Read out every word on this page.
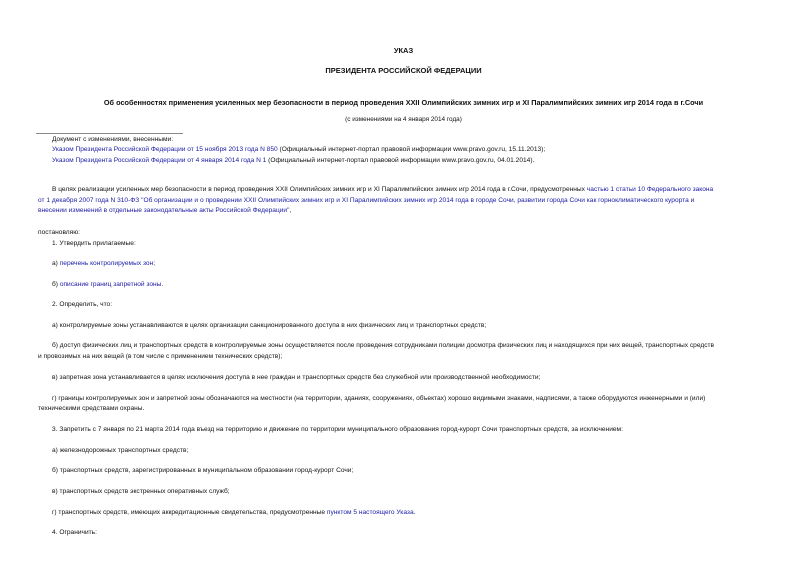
УКАЗ
ПРЕЗИДЕНТА РОССИЙСКОЙ ФЕДЕРАЦИИ
Об особенностях применения усиленных мер безопасности в период проведения XXII Олимпийских зимних игр и XI Паралимпийских зимних игр 2014 года в г.Сочи
(с изменениями на 4 января 2014 года)
Документ с изменениями, внесенными:
Указом Президента Российской Федерации от 15 ноября 2013 года N 850 (Официальный интернет-портал правовой информации www.pravo.gov.ru, 15.11.2013);
Указом Президента Российской Федерации от 4 января 2014 года N 1 (Официальный интернет-портал правовой информации www.pravo.gov.ru, 04.01.2014).
В целях реализации усиленных мер безопасности в период проведения XXII Олимпийских зимних игр и XI Паралимпийских зимних игр 2014 года в г.Сочи, предусмотренных частью 1 статьи 10 Федерального закона
от 1 декабря 2007 года N 310-ФЗ "Об организации и о проведении XXII Олимпийских зимних игр и XI Паралимпийских зимних игр 2014 года в городе Сочи, развитии города Сочи как горноклиматического курорта и
внесении изменений в отдельные законодательные акты Российской Федерации",
постановляю:
1. Утвердить прилагаемые:
а) перечень контролируемых зон;
б) описание границ запретной зоны.
2. Определить, что:
а) контролируемые зоны устанавливаются в целях организации санкционированного доступа в них физических лиц и транспортных средств;
б) доступ физических лиц и транспортных средств в контролируемые зоны осуществляется после проведения сотрудниками полиции досмотра физических лиц и находящихся при них вещей, транспортных средств
и провозимых на них вещей (в том числе с применением технических средств);
в) запретная зона устанавливается в целях исключения доступа в нее граждан и транспортных средств без служебной или производственной необходимости;
г) границы контролируемых зон и запретной зоны обозначаются на местности (на территории, зданиях, сооружениях, объектах) хорошо видимыми знаками, надписями, а также оборудуются инженерными и (или)
техническими средствами охраны.
3. Запретить с 7 января по 21 марта 2014 года въезд на территорию и движение по территории муниципального образования город-курорт Сочи транспортных средств, за исключением:
а) железнодорожных транспортных средств;
б) транспортных средств, зарегистрированных в муниципальном образовании город-курорт Сочи;
в) транспортных средств экстренных оперативных служб;
г) транспортных средств, имеющих аккредитационные свидетельства, предусмотренные пунктом 5 настоящего Указа.
4. Ограничить:
